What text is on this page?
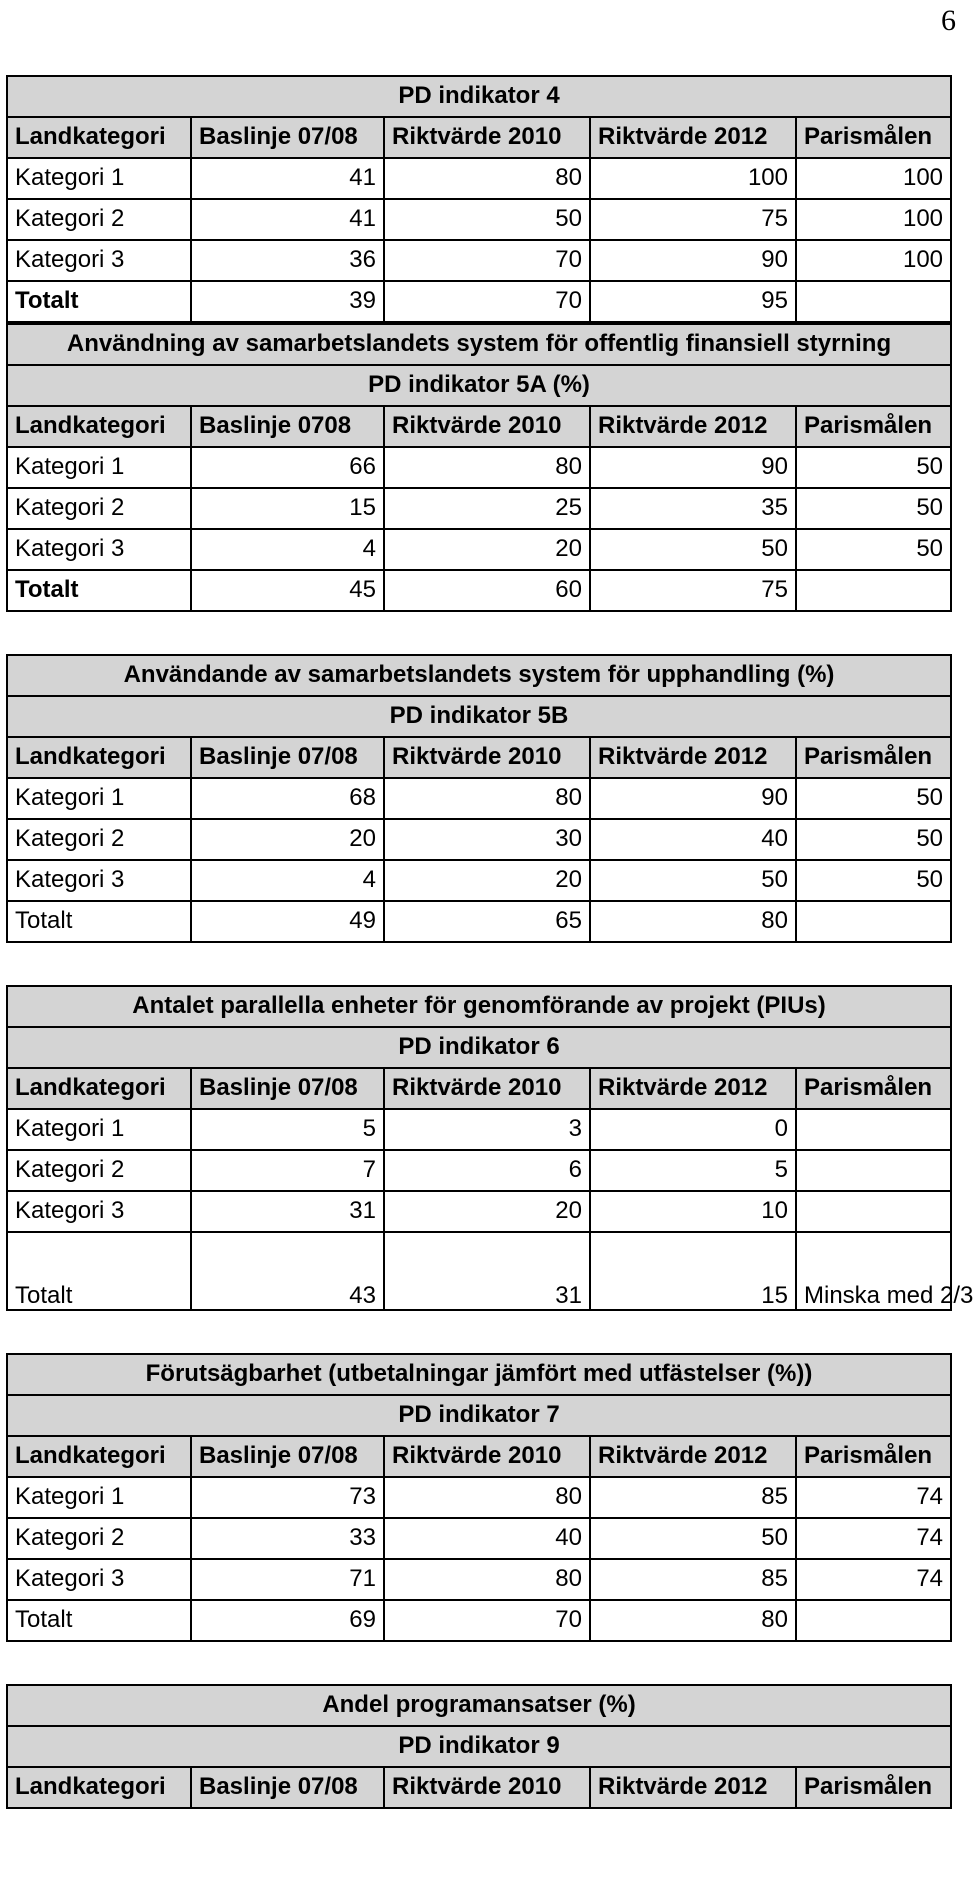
6
PD indikator 4				
Landkategori	Baslinje 07/08	Riktvärde 2010	Riktvärde 2012	Parismålen
Kategori 1	41	80	100	100
Kategori 2	41	50	75	100
Kategori 3	36	70	90	100
Totalt	39	70	95	
Användning av samarbetslandets system för offentlig finansiell styrning				
PD indikator 5A (%)				
Landkategori	Baslinje 0708	Riktvärde 2010	Riktvärde 2012	Parismålen
Kategori 1	66	80	90	50
Kategori 2	15	25	35	50
Kategori 3	4	20	50	50
Totalt	45	60	75	
Användande av samarbetslandets system för upphandling (%)				
PD indikator 5B				
Landkategori	Baslinje 07/08	Riktvärde 2010	Riktvärde 2012	Parismålen
Kategori 1	68	80	90	50
Kategori 2	20	30	40	50
Kategori 3	4	20	50	50
Totalt	49	65	80	
Antalet parallella enheter för genomförande av projekt (PIUs)				
PD indikator 6				
Landkategori	Baslinje 07/08	Riktvärde 2010	Riktvärde 2012	Parismålen
Kategori 1	5	3	0	
Kategori 2	7	6	5	
Kategori 3	31	20	10	
Totalt	43	31	15	Minska med 2/3
Förutsägbarhet (utbetalningar jämfört med utfästelser (%))				
PD indikator 7				
Landkategori	Baslinje 07/08	Riktvärde 2010	Riktvärde 2012	Parismålen
Kategori 1	73	80	85	74
Kategori 2	33	40	50	74
Kategori 3	71	80	85	74
Totalt	69	70	80	
Andel programansatser (%)
PD indikator 9
Landkategori	Baslinje 07/08	Riktvärde 2010	Riktvärde 2012	Parismålen
